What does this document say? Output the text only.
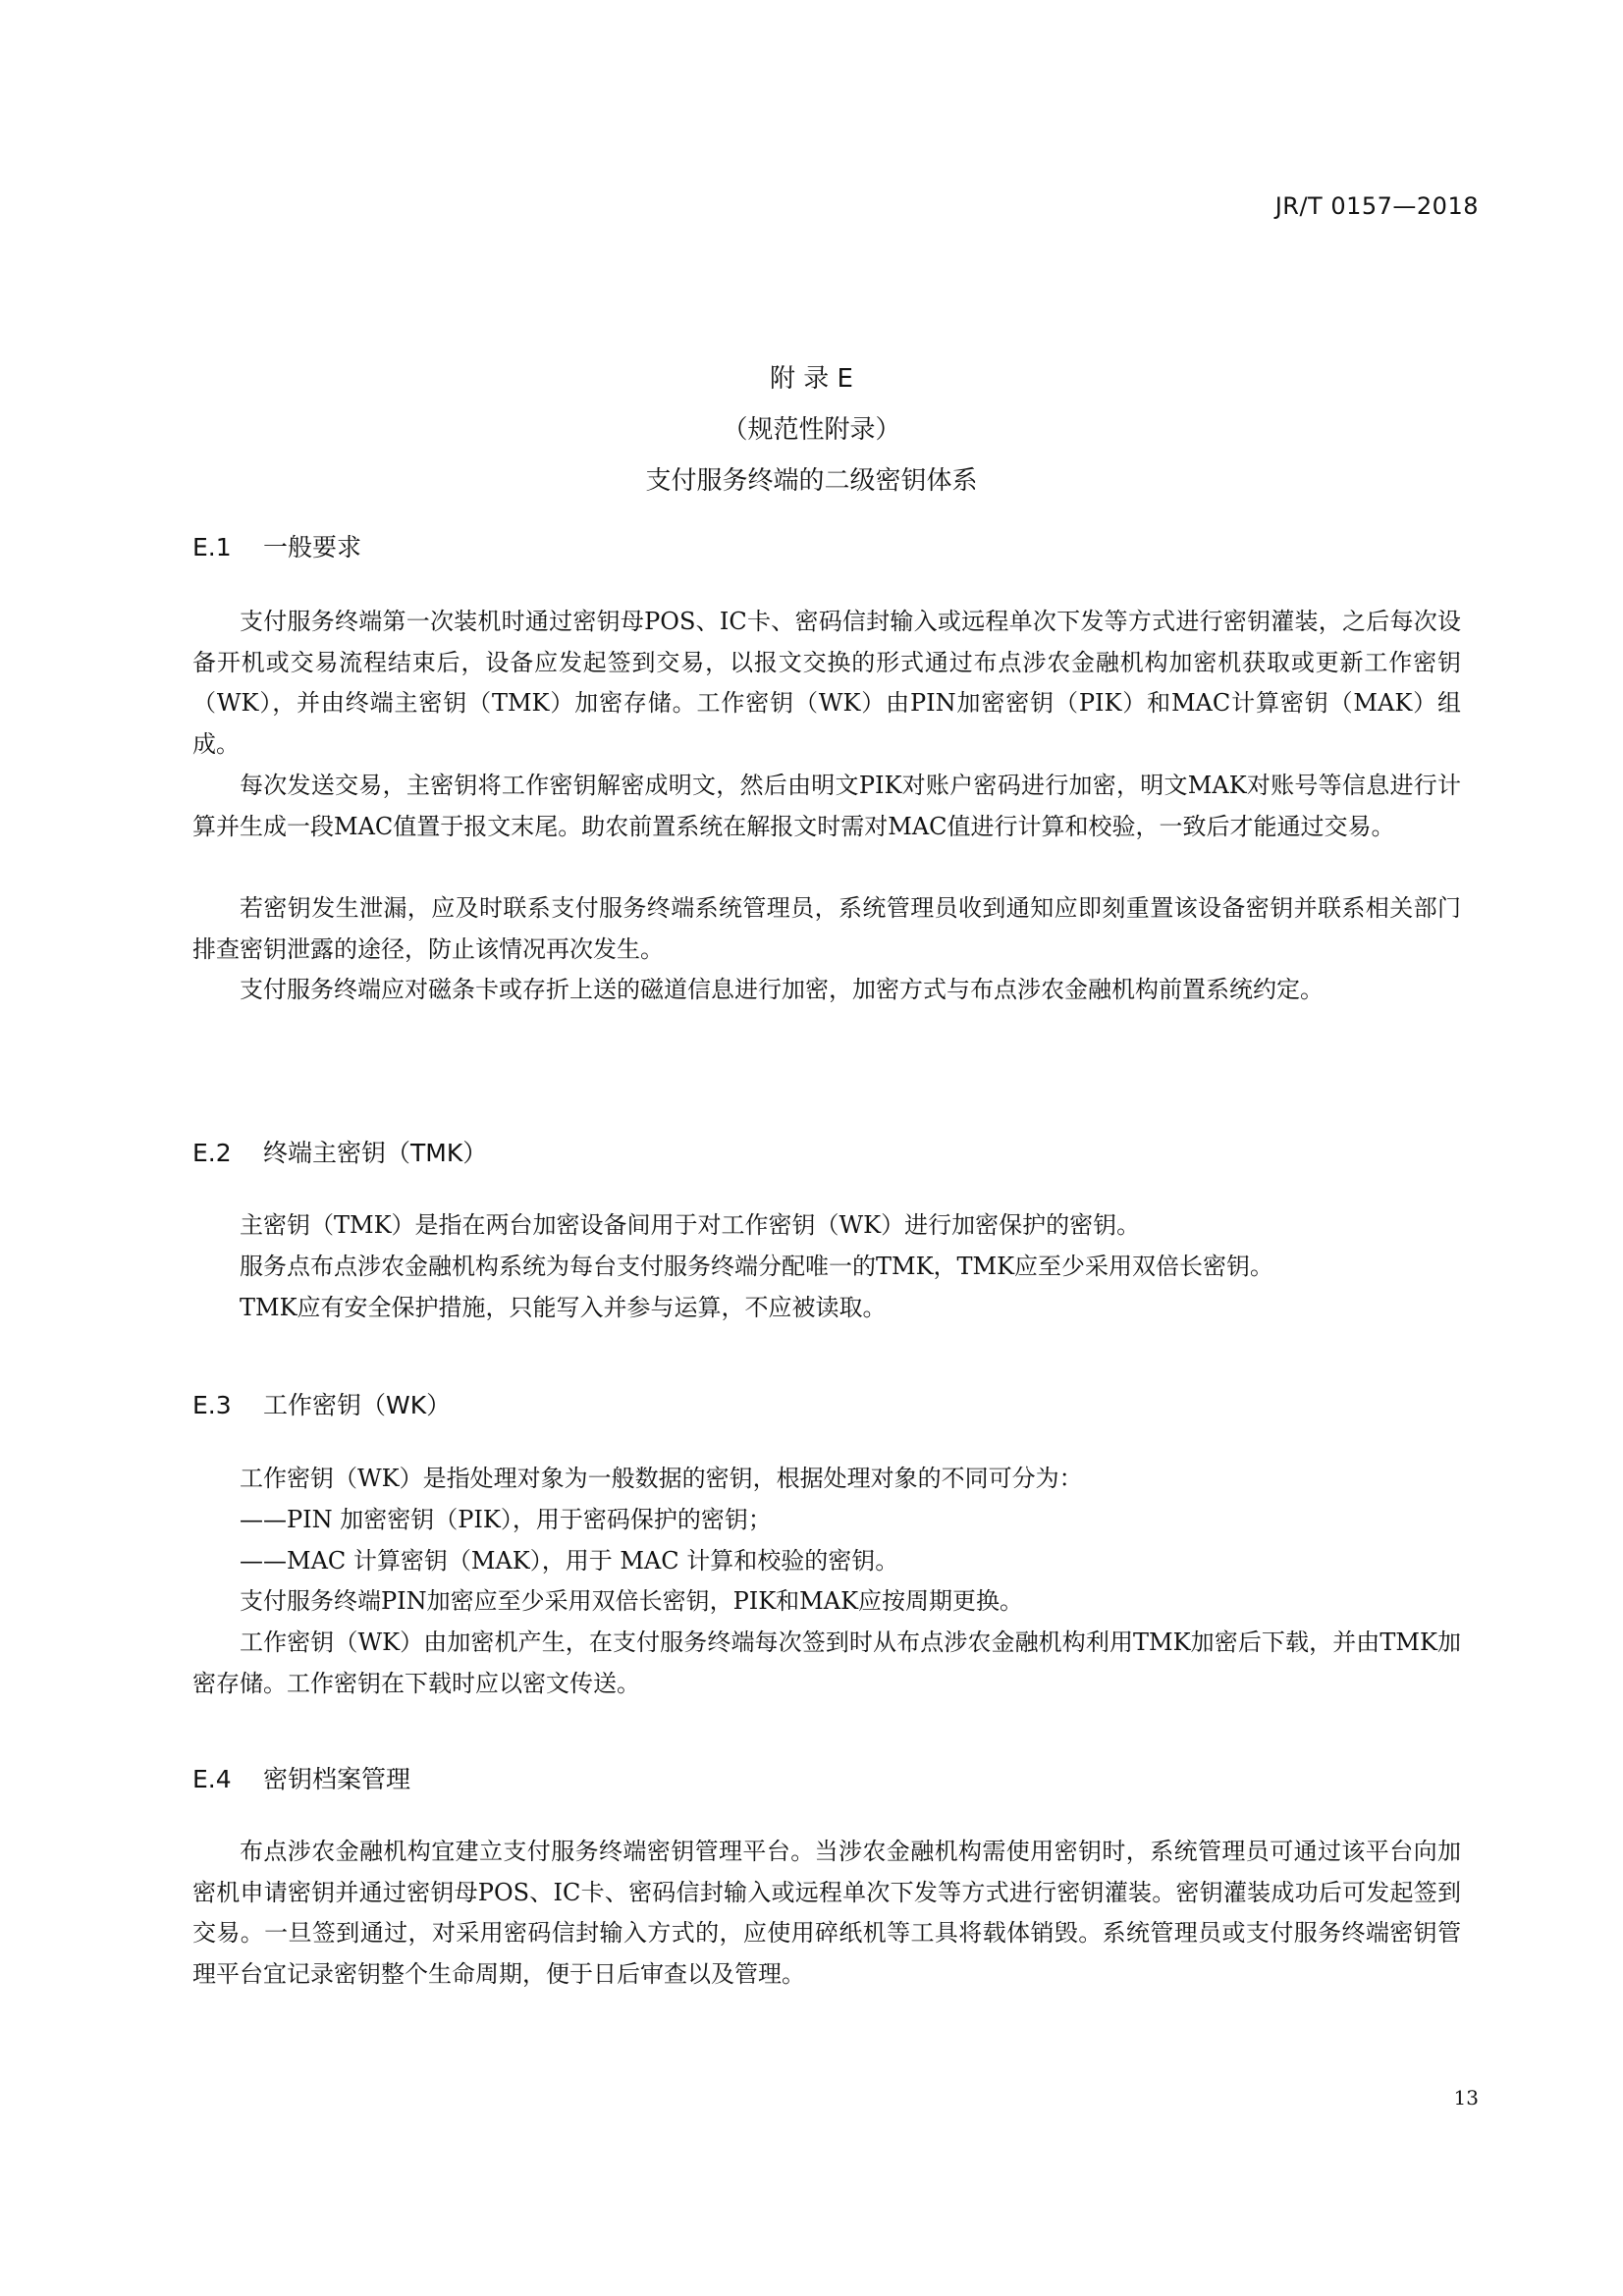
JR/T 0157—2018
附 录 E
（规范性附录）
支付服务终端的二级密钥体系
E.1 一般要求

支付服务终端第一次装机时通过密钥母POS、IC卡、密码信封输入或远程单次下发等方式进行密钥灌装，之后每次设备开机或交易流程结束后，设备应发起签到交易，以报文交换的形式通过布点涉农金融机构加密机获取或更新工作密钥（WK），并由终端主密钥（TMK）加密存储。工作密钥（WK）由PIN加密密钥（PIK）和MAC计算密钥（MAK）组成。

每次发送交易，主密钥将工作密钥解密成明文，然后由明文PIK对账户密码进行加密，明文MAK对账号等信息进行计算并生成一段MAC值置于报文末尾。助农前置系统在解报文时需对MAC值进行计算和校验，一致后才能通过交易。

若密钥发生泄漏，应及时联系支付服务终端系统管理员，系统管理员收到通知应即刻重置该设备密钥并联系相关部门排查密钥泄露的途径，防止该情况再次发生。

支付服务终端应对磁条卡或存折上送的磁道信息进行加密，加密方式与布点涉农金融机构前置系统约定。

E.2 终端主密钥（TMK）

主密钥（TMK）是指在两台加密设备间用于对工作密钥（WK）进行加密保护的密钥。

服务点布点涉农金融机构系统为每台支付服务终端分配唯一的TMK，TMK应至少采用双倍长密钥。

TMK应有安全保护措施，只能写入并参与运算，不应被读取。

E.3 工作密钥（WK）

工作密钥（WK）是指处理对象为一般数据的密钥，根据处理对象的不同可分为：

——PIN 加密密钥（PIK），用于密码保护的密钥；

——MAC 计算密钥（MAK），用于 MAC 计算和校验的密钥。

支付服务终端PIN加密应至少采用双倍长密钥，PIK和MAK应按周期更换。

工作密钥（WK）由加密机产生，在支付服务终端每次签到时从布点涉农金融机构利用TMK加密后下载，并由TMK加密存储。工作密钥在下载时应以密文传送。

E.4 密钥档案管理

布点涉农金融机构宜建立支付服务终端密钥管理平台。当涉农金融机构需使用密钥时，系统管理员可通过该平台向加密机申请密钥并通过密钥母POS、IC卡、密码信封输入或远程单次下发等方式进行密钥灌装。密钥灌装成功后可发起签到交易。一旦签到通过，对采用密码信封输入方式的，应使用碎纸机等工具将载体销毁。系统管理员或支付服务终端密钥管理平台宜记录密钥整个生命周期，便于日后审查以及管理。

13
